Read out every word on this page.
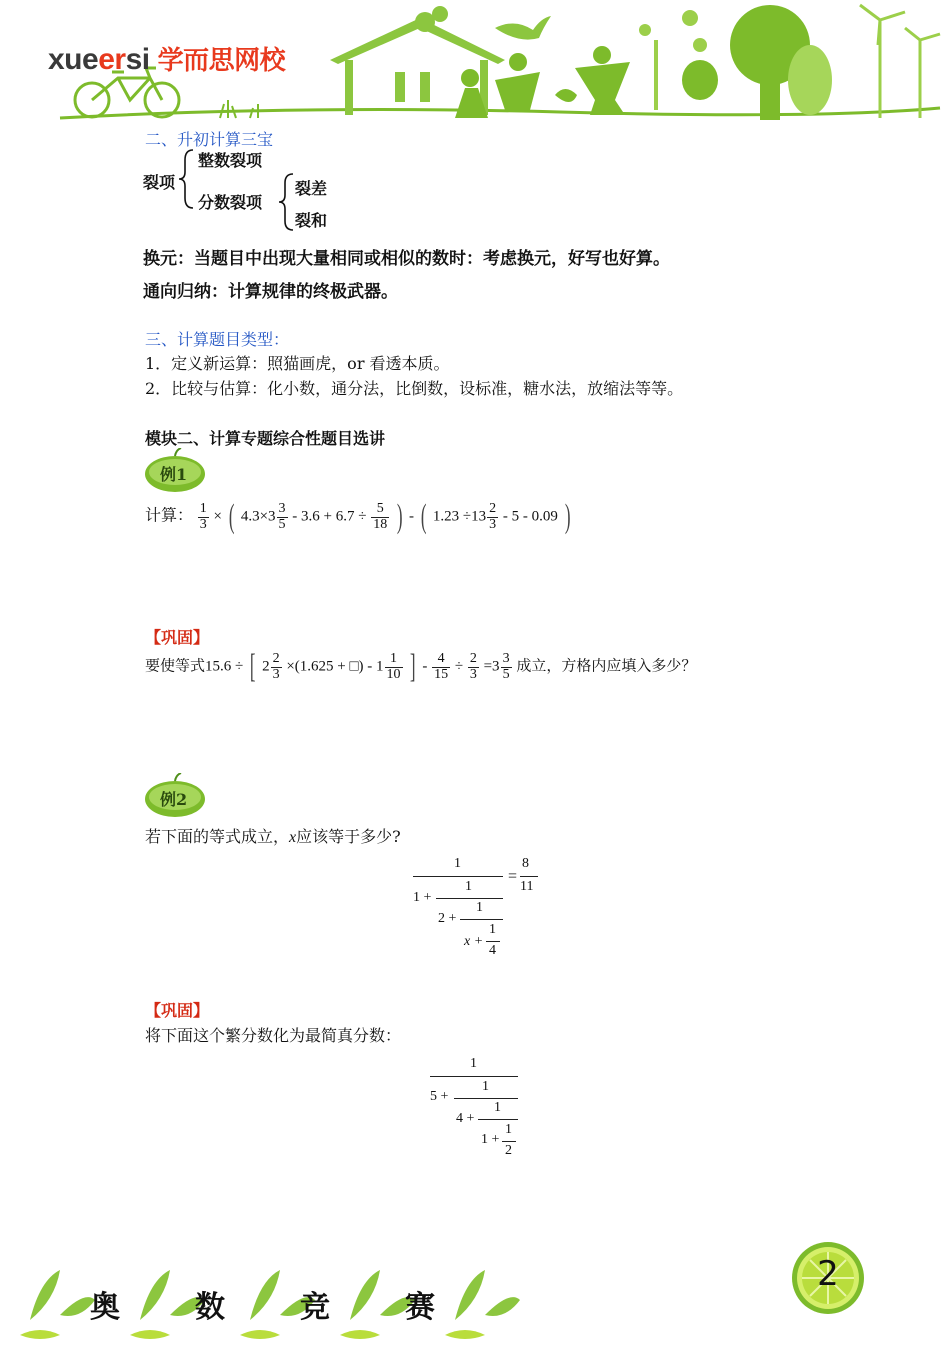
xueersi 学而思网校
二、升初计算三宝
裂项
整数裂项
分数裂项
裂差
裂和
换元：当题目中出现大量相同或相似的数时：考虑换元，好写也好算。
通向归纳：计算规律的终极武器。
三、计算题目类型：
1．定义新运算：照猫画虎，or 看透本质。
2．比较与估算：化小数，通分法，比倒数，设标准，糖水法，放缩法等等。
模块二、计算专题综合性题目选讲
例1
计算： $\frac{1}{3}$ × ( $4.3\times 3 \frac{3}{5} - 3.6 + 6.7 \div \frac{5}{18}$ ) - ( $1.23 \div 13 \frac{2}{3} - 5 - 0.09$ )
【巩固】
要使等式15.6 ÷ [ $2 \frac{2}{3} \times(1.625$ + □) - $1 \frac{1}{10}$ ] - $\frac{4}{15} \div \frac{2}{3} =3 \frac{3}{5}$ 成立，方格内应填入多少？
例2
若下面的等式成立，x应该等于多少?
1
1 +
1
2 +
1
x +
1
4
=
8
11
【巩固】
将下面这个繁分数化为最简真分数：
1
5 +
1
4 +
1
1 +
1
2
奥	数	竞	赛
2
